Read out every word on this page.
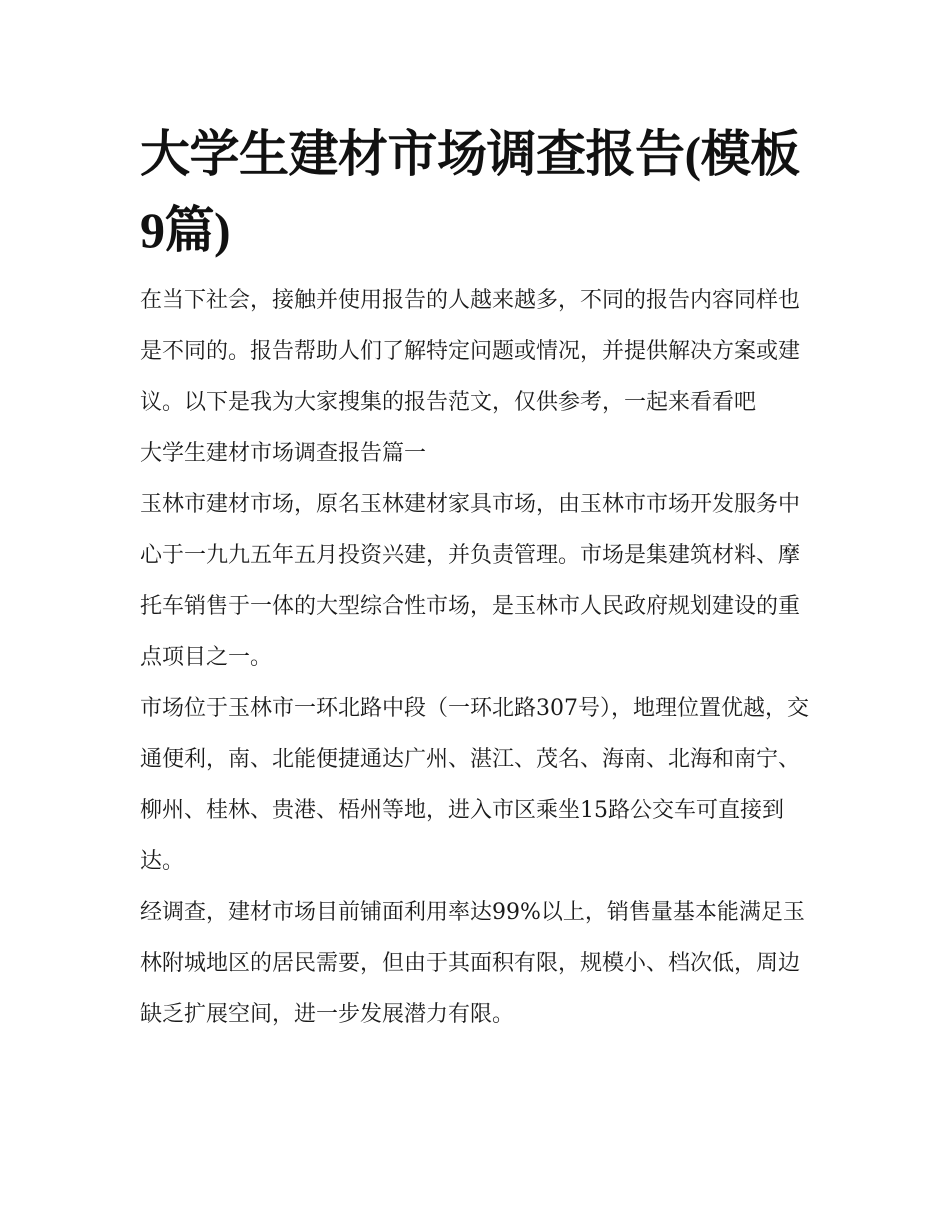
大学生建材市场调查报告(模板9篇)

在当下社会，接触并使用报告的人越来越多，不同的报告内容同样也是不同的。报告帮助人们了解特定问题或情况，并提供解决方案或建议。以下是我为大家搜集的报告范文，仅供参考，一起来看看吧

大学生建材市场调查报告篇一

玉林市建材市场，原名玉林建材家具市场，由玉林市市场开发服务中心于一九九五年五月投资兴建，并负责管理。市场是集建筑材料、摩托车销售于一体的大型综合性市场，是玉林市人民政府规划建设的重点项目之一。

市场位于玉林市一环北路中段（一环北路307号），地理位置优越，交通便利，南、北能便捷通达广州、湛江、茂名、海南、北海和南宁、柳州、桂林、贵港、梧州等地，进入市区乘坐15路公交车可直接到达。

经调查，建材市场目前铺面利用率达99%以上，销售量基本能满足玉林附城地区的居民需要，但由于其面积有限，规模小、档次低，周边缺乏扩展空间，进一步发展潜力有限。
